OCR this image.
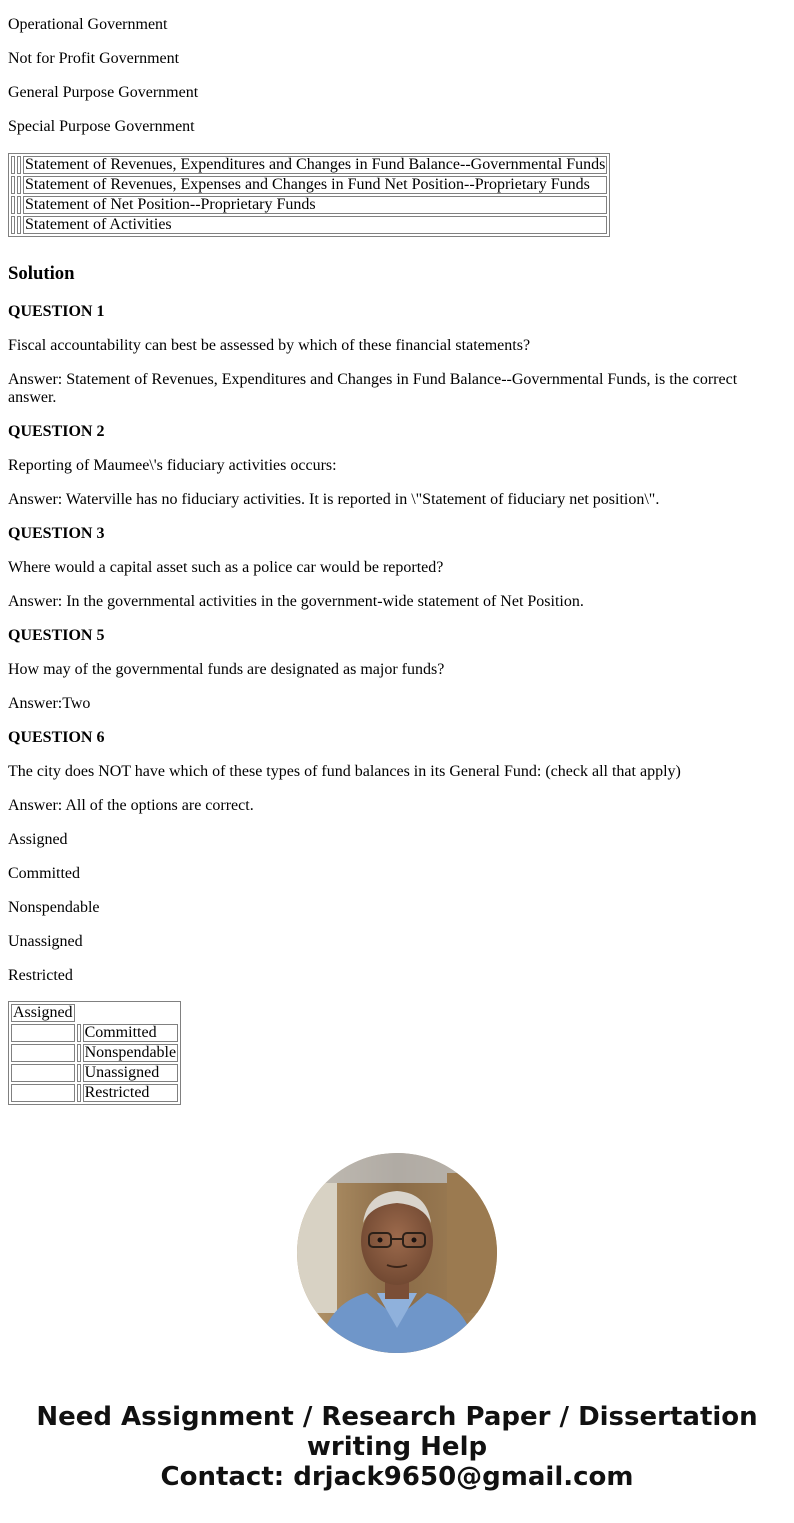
Operational Government

Not for Profit Government

General Purpose Government

Special Purpose Government

		Statement of Revenues, Expenditures and Changes in Fund Balance--Governmental Funds
		Statement of Revenues, Expenses and Changes in Fund Net Position--Proprietary Funds
		Statement of Net Position--Proprietary Funds
		Statement of Activities
Solution

QUESTION 1

Fiscal accountability can best be assessed by which of these financial statements?

Answer: Statement of Revenues, Expenditures and Changes in Fund Balance--Governmental Funds, is the correct answer.

QUESTION 2

Reporting of Maumee\'s fiduciary activities occurs:

Answer: Waterville has no fiduciary activities. It is reported in \"Statement of fiduciary net position\".

QUESTION 3

Where would a capital asset such as a police car would be reported?

Answer: In the governmental activities in the government-wide statement of Net Position.

QUESTION 5

How may of the governmental funds are designated as major funds?

Answer:Two

QUESTION 6

The city does NOT have which of these types of fund balances in its General Fund: (check all that apply)

Answer: All of the options are correct.

Assigned

Committed

Nonspendable

Unassigned

Restricted

Assigned		
		Committed
		Nonspendable
		Unassigned
		Restricted
Need Assignment / Research Paper / Dissertation
writing Help
Contact: drjack9650@gmail.com
